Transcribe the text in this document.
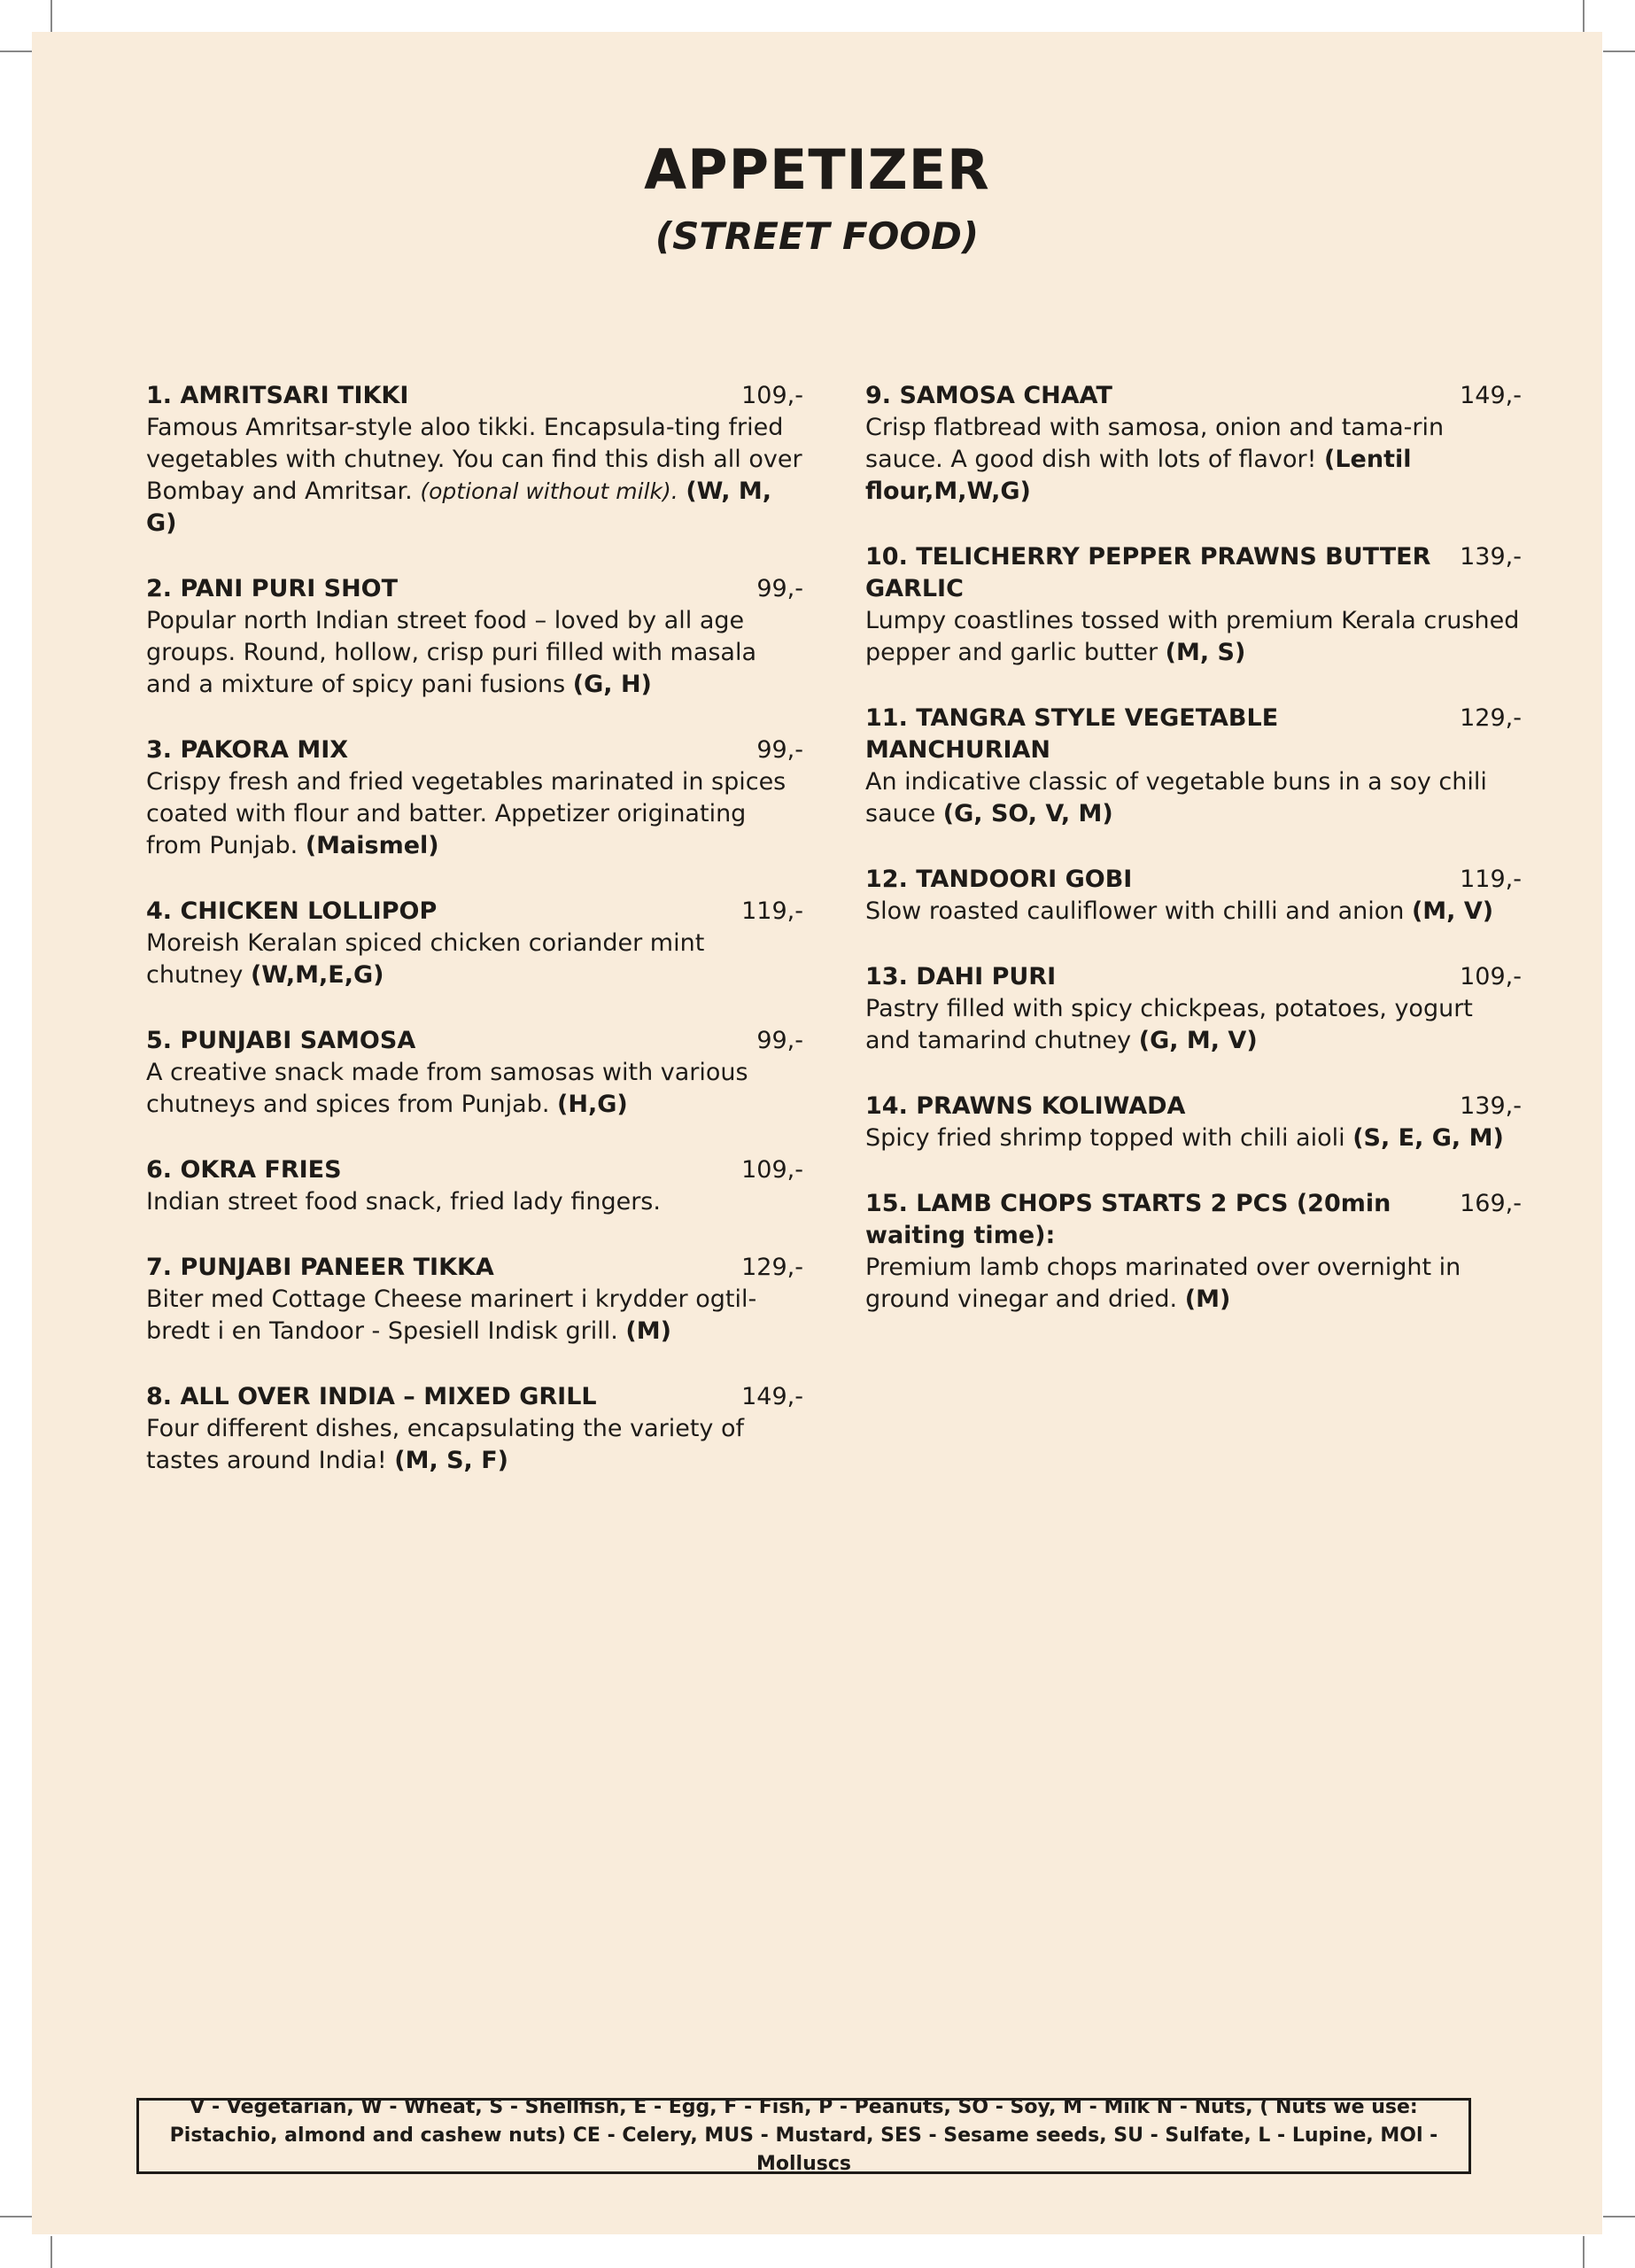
APPETIZER
(STREET FOOD)
1. AMRITSARI TIKKI	109,-
Famous Amritsar-style aloo tikki. Encapsula-ting fried vegetables with chutney. You can find this dish all over Bombay and Amritsar. (optional without milk). (W, M, G)
2. PANI PURI SHOT	99,-
Popular north Indian street food – loved by all age groups. Round, hollow, crisp puri filled with masala and a mixture of spicy pani fusions (G, H)
3. PAKORA MIX	99,-
Crispy fresh and fried vegetables marinated in spices coated with flour and batter. Appetizer originating from Punjab. (Maismel)
4. CHICKEN LOLLIPOP	119,-
Moreish Keralan spiced chicken coriander mint chutney (W,M,E,G)
5. PUNJABI SAMOSA	99,-
A creative snack made from samosas with various chutneys and spices from Punjab. (H,G)
6. OKRA FRIES	109,-
Indian street food snack, fried lady fingers.
7. PUNJABI PANEER TIKKA	129,-
Biter med Cottage Cheese marinert i krydder ogtil-bredt i en Tandoor - Spesiell Indisk grill. (M)
8. ALL OVER INDIA – MIXED GRILL	149,-
Four different dishes, encapsulating the variety of tastes around India! (M, S, F)
9. SAMOSA CHAAT	149,-
Crisp flatbread with samosa, onion and tama-rin sauce. A good dish with lots of flavor! (Lentil flour,M,W,G)
10. TELICHERRY PEPPER PRAWNS BUTTER GARLIC
139,-
Lumpy coastlines tossed with premium Kerala crushed pepper and garlic butter (M, S)
11. TANGRA STYLE VEGETABLE MANCHURIAN
129,-
An indicative classic of vegetable buns in a soy chili sauce (G, SO, V, M)
12. TANDOORI GOBI	119,-
Slow roasted cauliflower with chilli and anion (M, V)
13. DAHI PURI	109,-
Pastry filled with spicy chickpeas, potatoes, yogurt and tamarind chutney (G, M, V)
14. PRAWNS KOLIWADA	139,-
Spicy fried shrimp topped with chili aioli (S, E, G, M)
15. LAMB CHOPS STARTS 2 PCS (20min waiting time):
169,-
Premium lamb chops marinated over overnight in ground vinegar and dried. (M)
V - Vegetarian, W - Wheat, S - Shellfish, E - Egg, F - Fish, P - Peanuts, SO - Soy, M - Milk N - Nuts, ( Nuts we use: Pistachio, almond and cashew nuts) CE - Celery, MUS - Mustard, SES - Sesame seeds, SU - Sulfate, L - Lupine, MOl - Molluscs
